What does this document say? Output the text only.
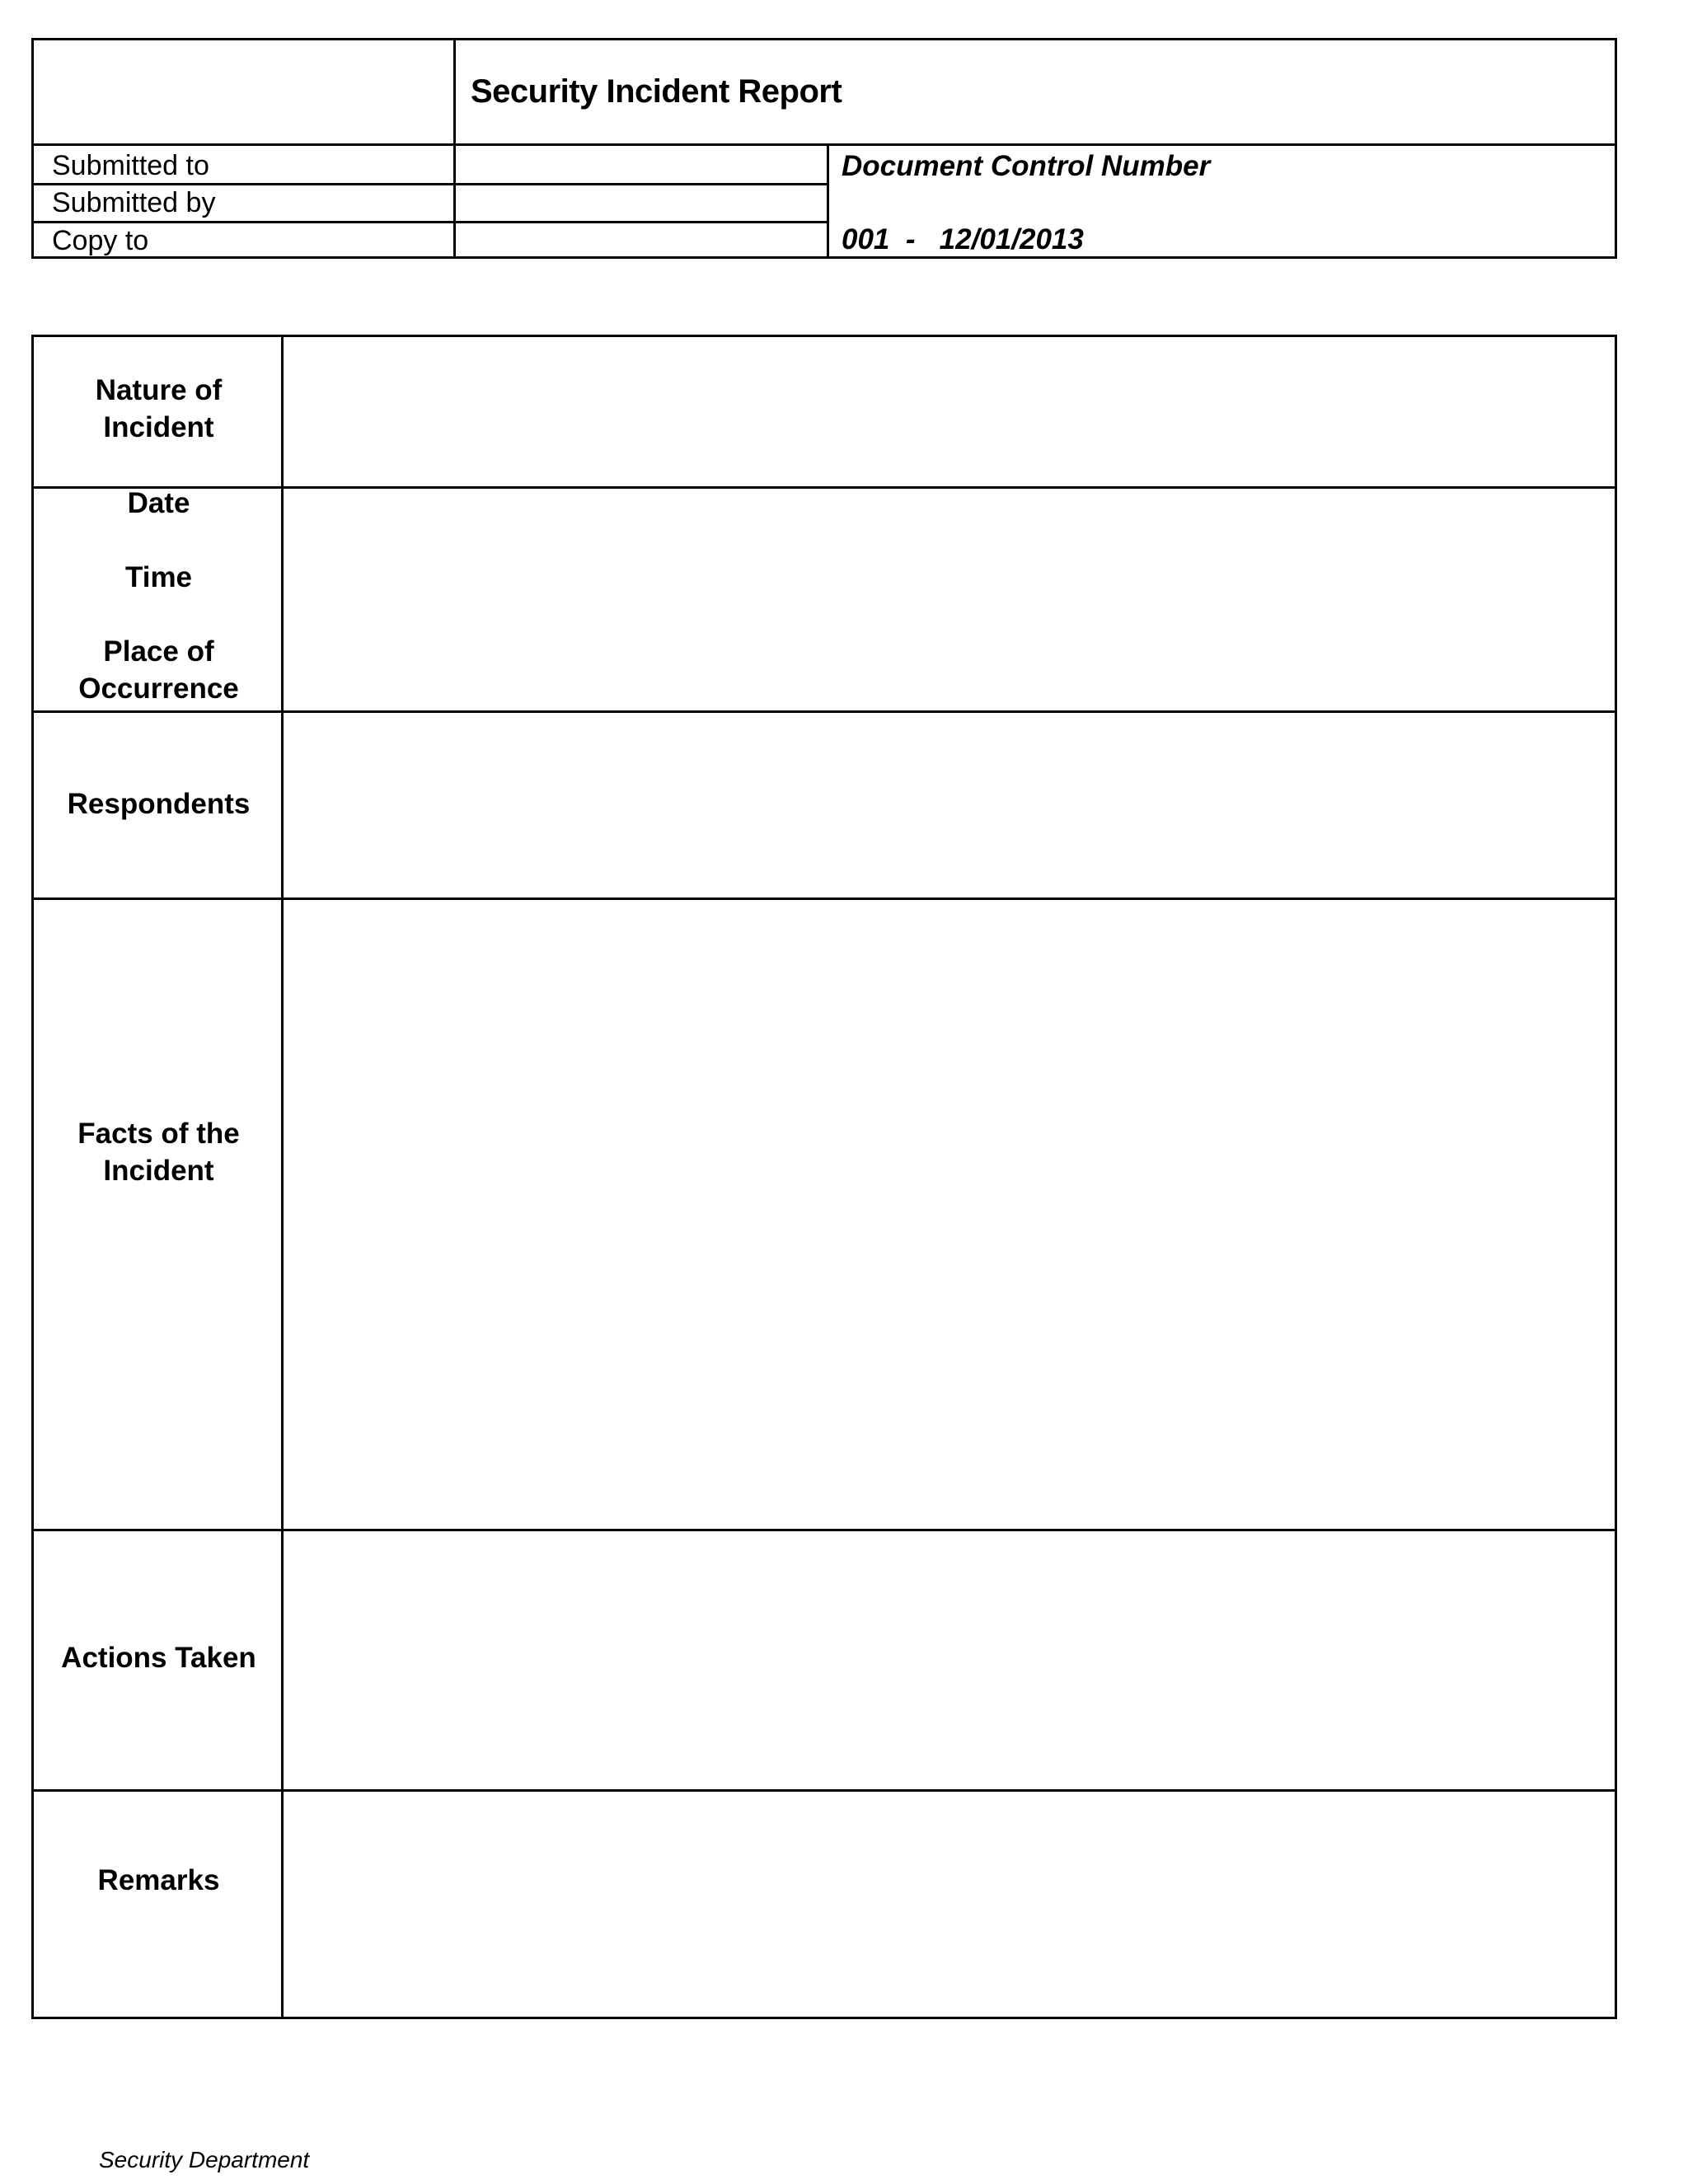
Security Incident Report
Submitted to
Submitted by
Copy to
Document Control Number
001  -   12/01/2013
Nature of
Incident
Date
Time
Place of
Occurrence
Respondents
Facts of the
Incident
Actions Taken
Remarks
Security Department
